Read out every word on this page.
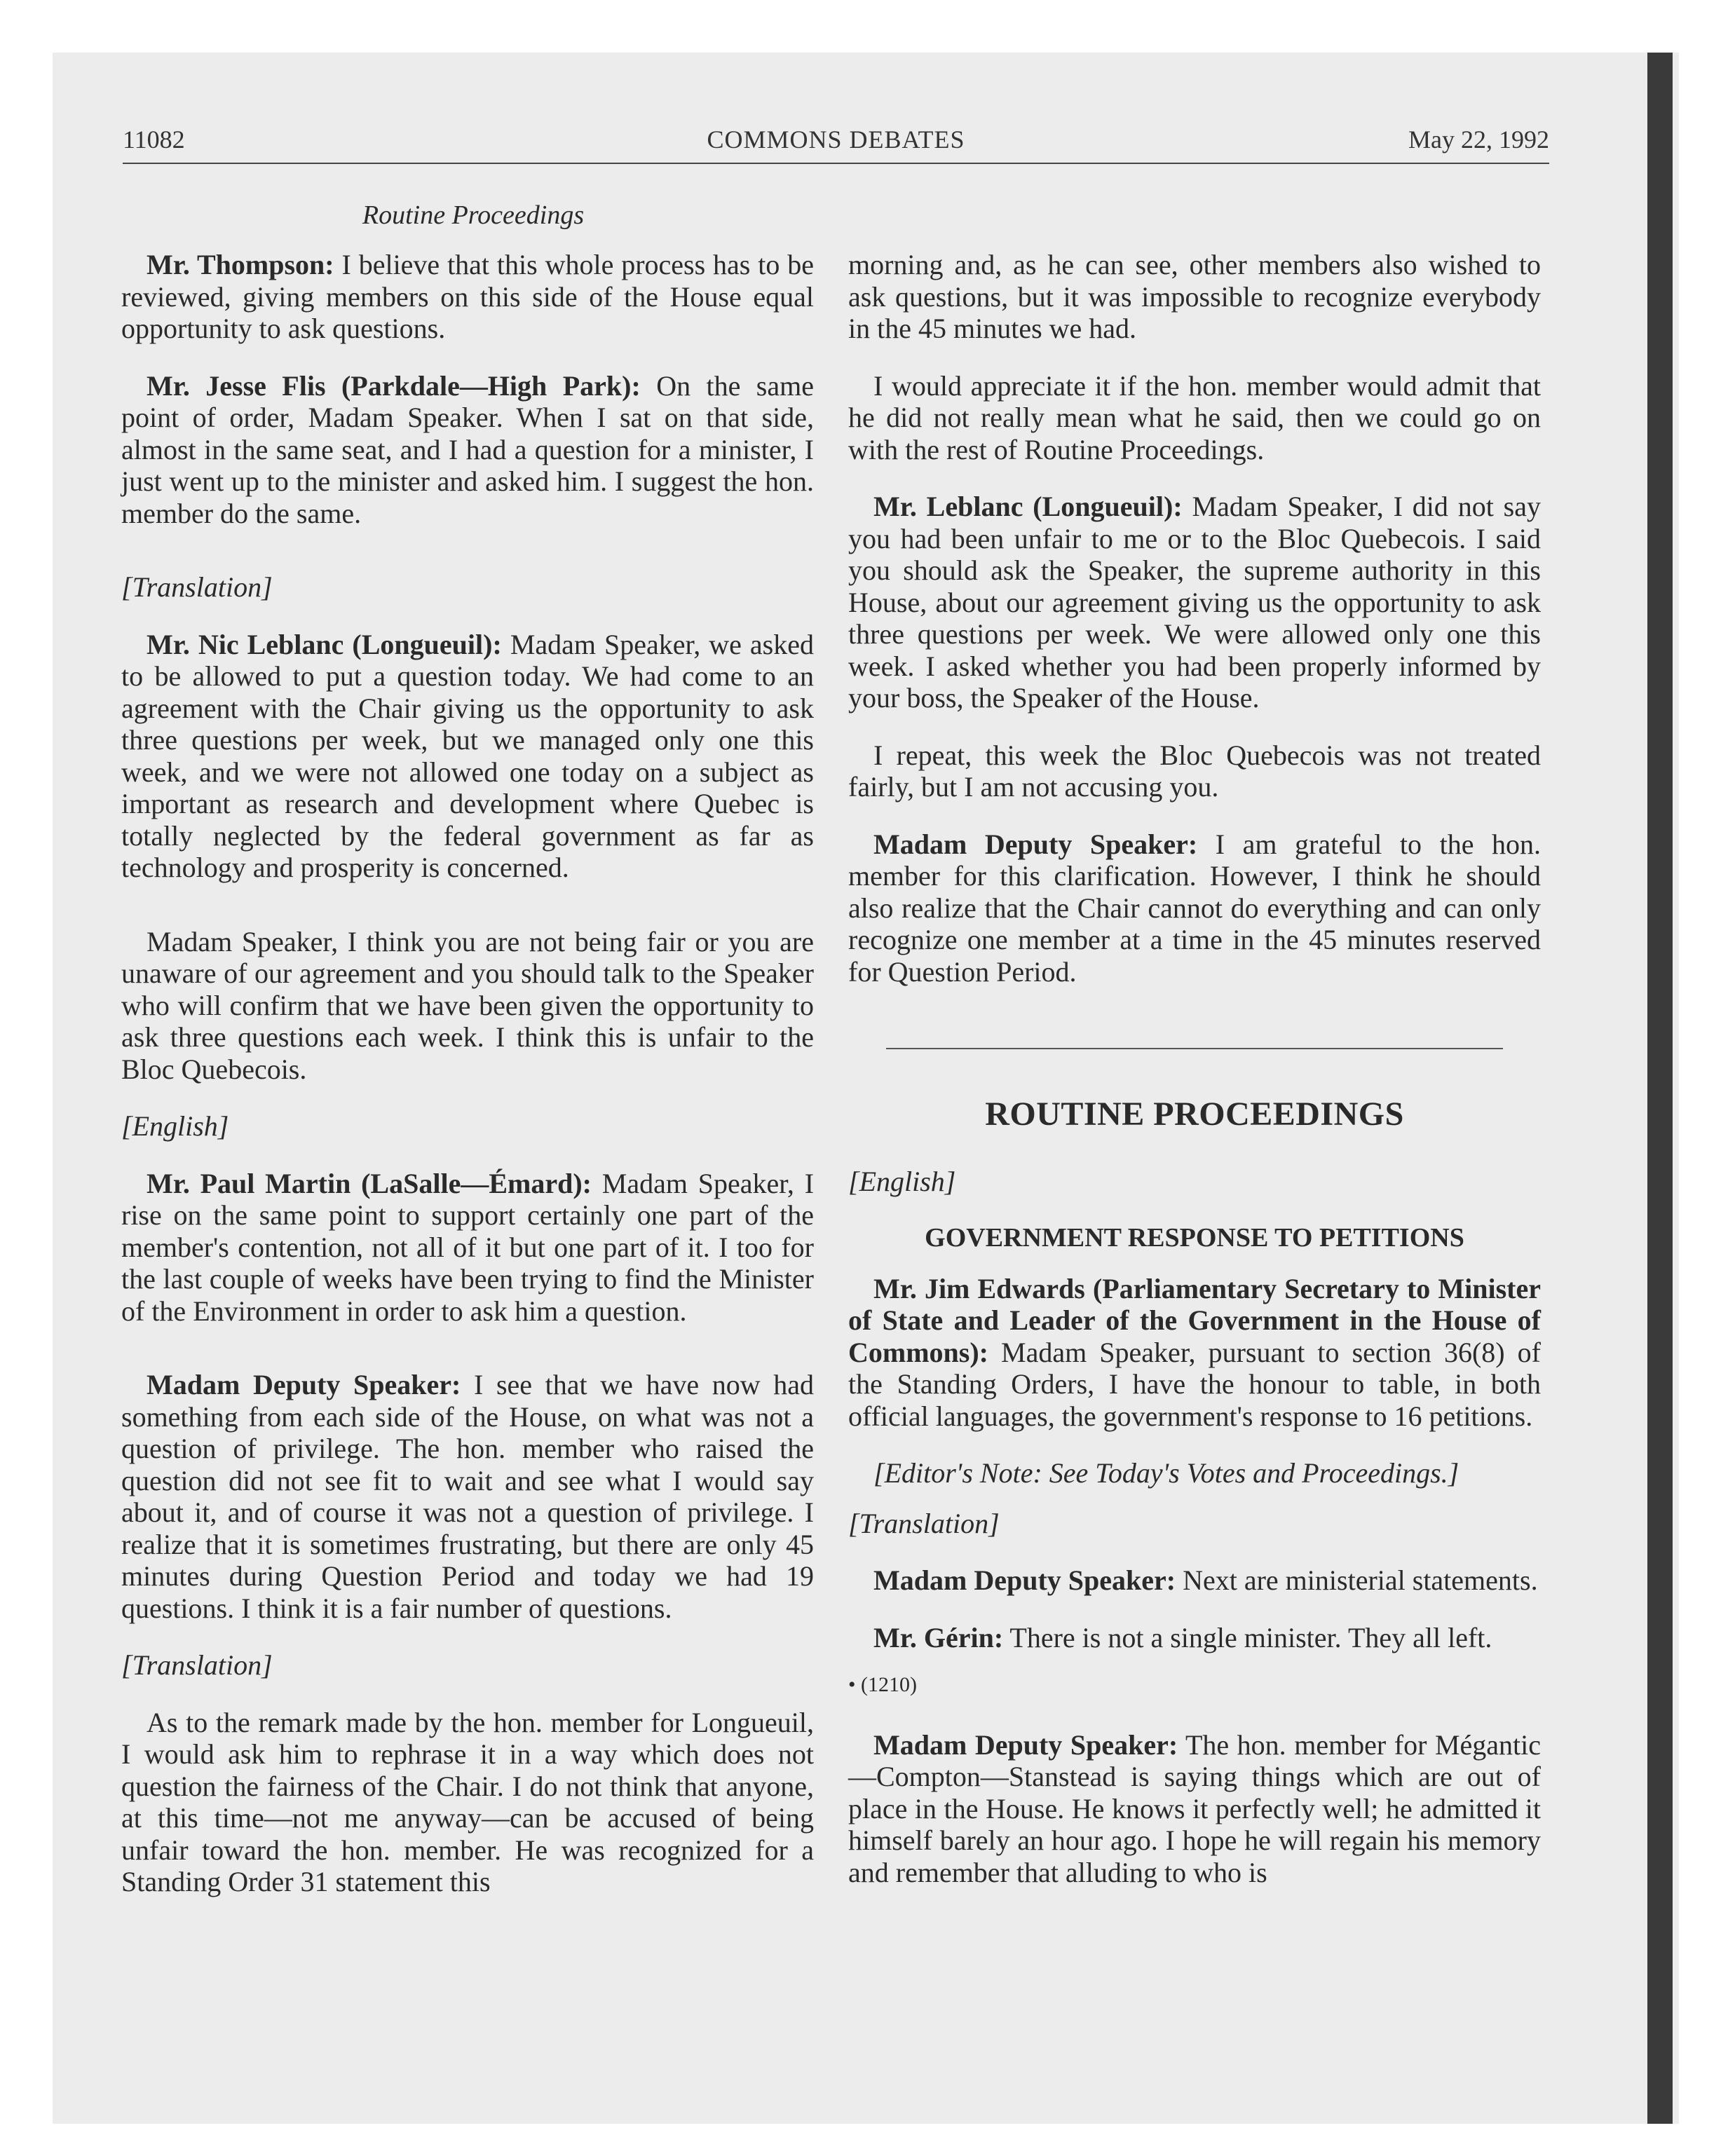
11082	COMMONS DEBATES	May 22, 1992
Routine Proceedings

Mr. Thompson: I believe that this whole process has to be reviewed, giving members on this side of the House equal opportunity to ask questions.

Mr. Jesse Flis (Parkdale—High Park): On the same point of order, Madam Speaker. When I sat on that side, almost in the same seat, and I had a question for a minister, I just went up to the minister and asked him. I suggest the hon. member do the same.

[Translation]

Mr. Nic Leblanc (Longueuil): Madam Speaker, we asked to be allowed to put a question today. We had come to an agreement with the Chair giving us the opportunity to ask three questions per week, but we managed only one this week, and we were not allowed one today on a subject as important as research and development where Quebec is totally neglected by the federal government as far as technology and prosperity is concerned.

Madam Speaker, I think you are not being fair or you are unaware of our agreement and you should talk to the Speaker who will confirm that we have been given the opportunity to ask three questions each week. I think this is unfair to the Bloc Quebecois.

[English]

Mr. Paul Martin (LaSalle—Émard): Madam Speaker, I rise on the same point to support certainly one part of the member's contention, not all of it but one part of it. I too for the last couple of weeks have been trying to find the Minister of the Environment in order to ask him a question.

Madam Deputy Speaker: I see that we have now had something from each side of the House, on what was not a question of privilege. The hon. member who raised the question did not see fit to wait and see what I would say about it, and of course it was not a question of privilege. I realize that it is sometimes frustrating, but there are only 45 minutes during Question Period and today we had 19 questions. I think it is a fair number of questions.

[Translation]

As to the remark made by the hon. member for Longueuil, I would ask him to rephrase it in a way which does not question the fairness of the Chair. I do not think that anyone, at this time—not me anyway—can be accused of being unfair toward the hon. member. He was recognized for a Standing Order 31 statement this

morning and, as he can see, other members also wished to ask questions, but it was impossible to recognize everybody in the 45 minutes we had.

I would appreciate it if the hon. member would admit that he did not really mean what he said, then we could go on with the rest of Routine Proceedings.

Mr. Leblanc (Longueuil): Madam Speaker, I did not say you had been unfair to me or to the Bloc Quebecois. I said you should ask the Speaker, the supreme authority in this House, about our agreement giving us the opportunity to ask three questions per week. We were allowed only one this week. I asked whether you had been properly informed by your boss, the Speaker of the House.

I repeat, this week the Bloc Quebecois was not treated fairly, but I am not accusing you.

Madam Deputy Speaker: I am grateful to the hon. member for this clarification. However, I think he should also realize that the Chair cannot do everything and can only recognize one member at a time in the 45 minutes reserved for Question Period.

ROUTINE PROCEEDINGS

[English]

GOVERNMENT RESPONSE TO PETITIONS

Mr. Jim Edwards (Parliamentary Secretary to Minister of State and Leader of the Government in the House of Commons): Madam Speaker, pursuant to section 36(8) of the Standing Orders, I have the honour to table, in both official languages, the government's response to 16 petitions.

[Editor's Note: See Today's Votes and Proceedings.]

[Translation]

Madam Deputy Speaker: Next are ministerial statements.

Mr. Gérin: There is not a single minister. They all left.

• (1210)

Madam Deputy Speaker: The hon. member for Mégantic—Compton—Stanstead is saying things which are out of place in the House. He knows it perfectly well; he admitted it himself barely an hour ago. I hope he will regain his memory and remember that alluding to who is
